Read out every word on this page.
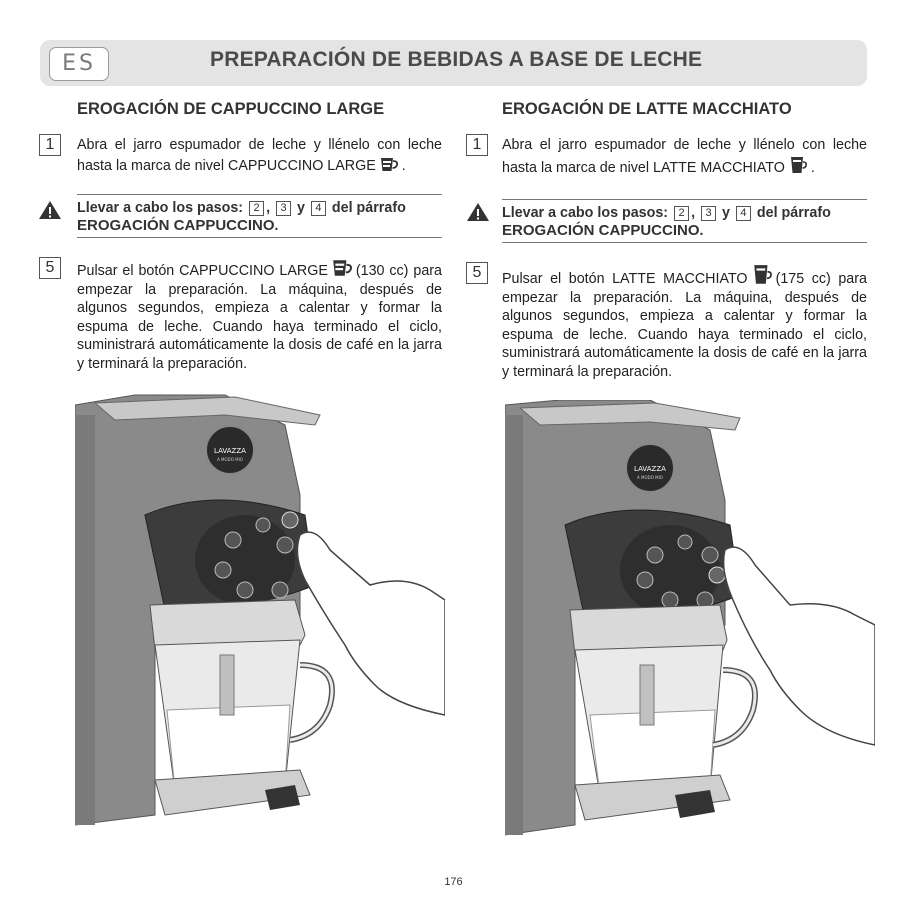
ES	PREPARACIÓN DE BEBIDAS A BASE DE LECHE
EROGACIÓN DE CAPPUCCINO LARGE
1	Abra el jarro espumador de leche y llénelo con leche hasta la marca de nivel CAPPUCCINO LARGE .
Llevar a cabo los pasos: 2 , 3 y 4 del párrafo
EROGACIÓN CAPPUCCINO.
5	Pulsar el botón CAPPUCCINO LARGE (130 cc) para empezar la preparación. La máquina, después de algunos segundos, empieza a calentar y formar la espuma de leche. Cuando haya terminado el ciclo, suministrará automáticamente la dosis de café en la jarra y terminará la preparación.
EROGACIÓN DE LATTE MACCHIATO
1	Abra el jarro espumador de leche y llénelo con leche hasta la marca de nivel LATTE MACCHIATO .
Llevar a cabo los pasos: 2 , 3 y 4 del párrafo
EROGACIÓN CAPPUCCINO.
5	Pulsar el botón LATTE MACCHIATO (175 cc) para empezar la preparación. La máquina, después de algunos segundos, empieza a calentar y formar la espuma de leche. Cuando haya terminado el ciclo, suministrará automáticamente la dosis de café en la jarra y terminará la preparación.
LAVAZZA
A MODO MIO
LAVAZZA
A MODO MIO
176
